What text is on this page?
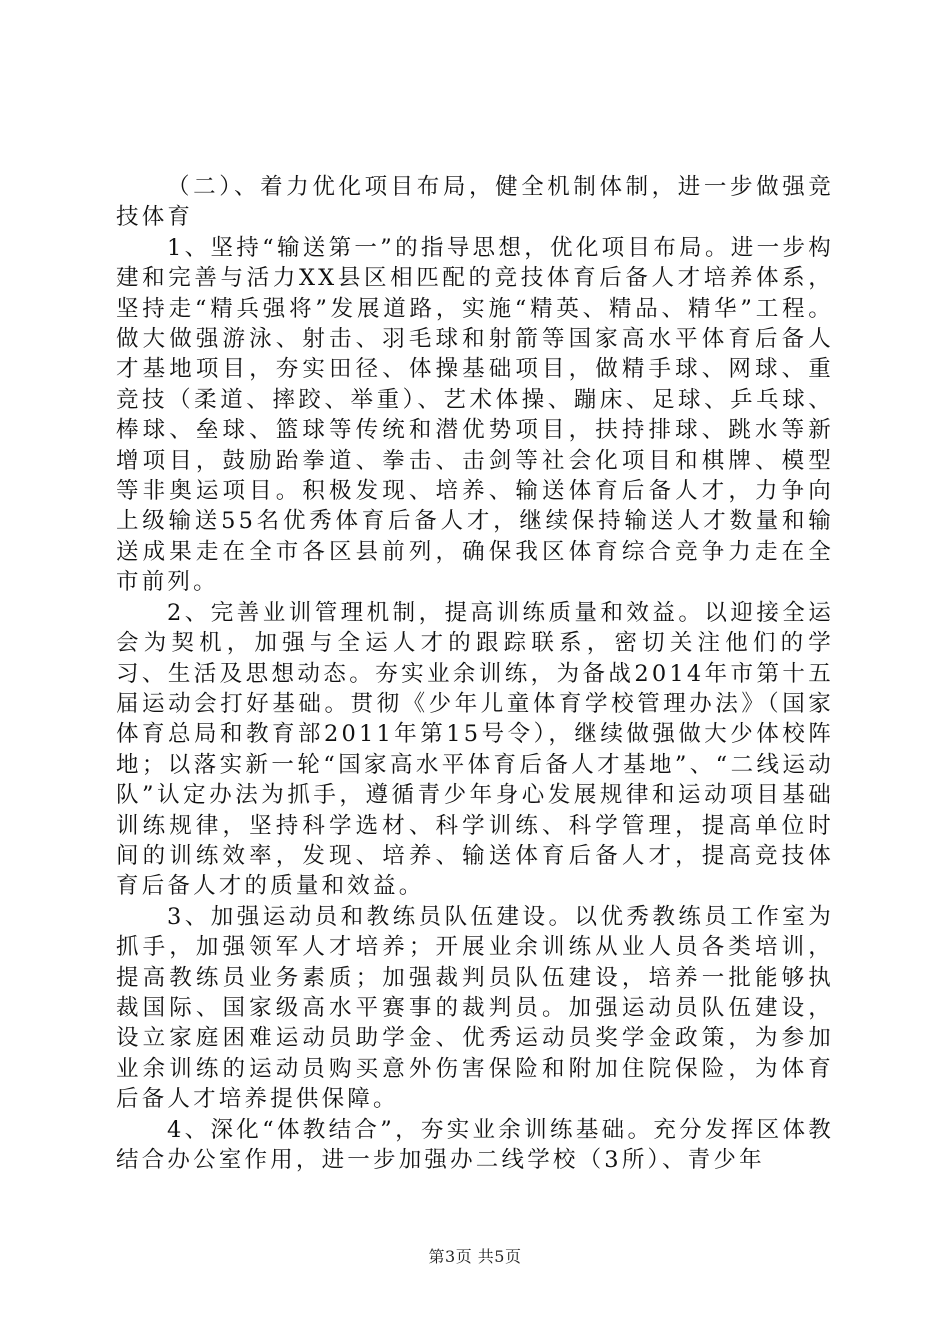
（二）、着力优化项目布局，健全机制体制，进一步做强竞技体育

1、坚持“输送第一”的指导思想，优化项目布局。进一步构建和完善与活力XX县区相匹配的竞技体育后备人才培养体系，坚持走“精兵强将”发展道路，实施“精英、精品、精华”工程。做大做强游泳、射击、羽毛球和射箭等国家高水平体育后备人才基地项目，夯实田径、体操基础项目，做精手球、网球、重竞技（柔道、摔跤、举重）、艺术体操、蹦床、足球、乒乓球、棒球、垒球、篮球等传统和潜优势项目，扶持排球、跳水等新增项目，鼓励跆拳道、拳击、击剑等社会化项目和棋牌、模型等非奥运项目。积极发现、培养、输送体育后备人才，力争向上级输送55名优秀体育后备人才，继续保持输送人才数量和输送成果走在全市各区县前列，确保我区体育综合竞争力走在全市前列。

2、完善业训管理机制，提高训练质量和效益。以迎接全运会为契机，加强与全运人才的跟踪联系，密切关注他们的学习、生活及思想动态。夯实业余训练，为备战2014年市第十五届运动会打好基础。贯彻《少年儿童体育学校管理办法》（国家体育总局和教育部2011年第15号令），继续做强做大少体校阵地；以落实新一轮“国家高水平体育后备人才基地”、“二线运动队”认定办法为抓手，遵循青少年身心发展规律和运动项目基础训练规律，坚持科学选材、科学训练、科学管理，提高单位时间的训练效率，发现、培养、输送体育后备人才，提高竞技体育后备人才的质量和效益。

3、加强运动员和教练员队伍建设。以优秀教练员工作室为抓手，加强领军人才培养；开展业余训练从业人员各类培训，提高教练员业务素质；加强裁判员队伍建设，培养一批能够执裁国际、国家级高水平赛事的裁判员。加强运动员队伍建设，设立家庭困难运动员助学金、优秀运动员奖学金政策，为参加业余训练的运动员购买意外伤害保险和附加住院保险，为体育后备人才培养提供保障。

4、深化“体教结合”，夯实业余训练基础。充分发挥区体教结合办公室作用，进一步加强办二线学校（3所）、青少年

第3页 共5页
